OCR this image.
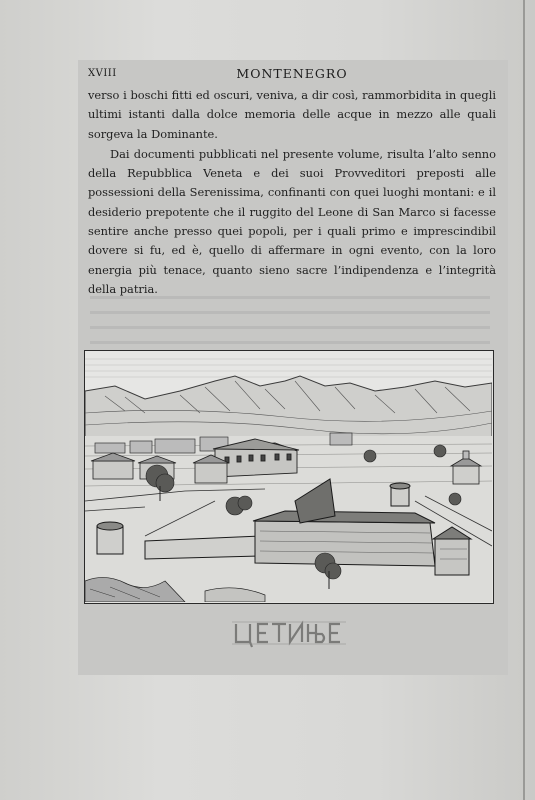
XVIII	MONTENEGRO

verso i boschi fitti ed oscuri, veniva, a dir così, rammorbidita in quegli ultimi istanti dalla dolce memoria delle acque in mezzo alle quali sorgeva la Dominante.

Dai documenti pubblicati nel presente volume, risulta l’alto senno della Repubblica Veneta e dei suoi Provveditori preposti alle possessioni della Serenissima, confinanti con quei luoghi montani: e il desiderio prepotente che il ruggito del Leone di San Marco si facesse sentire anche presso quei popoli, per i quali primo e imprescindibil dovere si fu, ed è, quello di affermare in ogni evento, con la loro energia più tenace, quanto sieno sacre l’indipendenza e l’integrità della patria.
